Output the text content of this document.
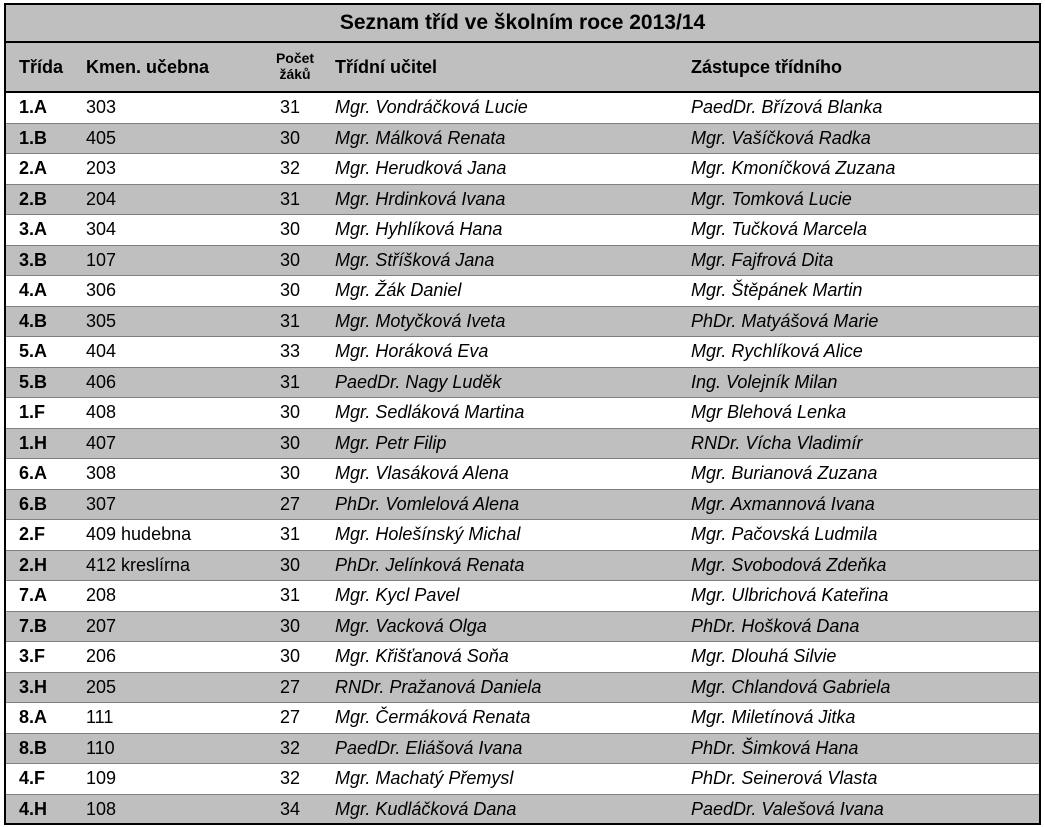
Seznam tříd ve školním roce 2013/14
Třída Kmen. učebna	Počet žáků	Třídní učitel	Zástupce třídního
1.A 303	31	Mgr. Vondráčková Lucie	PaedDr. Břízová Blanka
1.B 405	30	Mgr. Málková Renata	Mgr. Vašíčková Radka
2.A 203	32	Mgr. Herudková Jana	Mgr. Kmoníčková Zuzana
2.B 204	31	Mgr. Hrdinková Ivana	Mgr. Tomková Lucie
3.A 304	30	Mgr. Hyhlíková Hana	Mgr. Tučková Marcela
3.B 107	30	Mgr. Stříšková Jana	Mgr. Fajfrová Dita
4.A 306	30	Mgr. Žák Daniel	Mgr. Štěpánek Martin
4.B 305	31	Mgr. Motyčková Iveta	PhDr. Matyášová Marie
5.A 404	33	Mgr. Horáková Eva	Mgr. Rychlíková Alice
5.B 406	31	PaedDr. Nagy Luděk	Ing. Volejník Milan
1.F 408	30	Mgr. Sedláková Martina	Mgr Blehová Lenka
1.H 407	30	Mgr. Petr Filip	RNDr. Vícha Vladimír
6.A 308	30	Mgr. Vlasáková Alena	Mgr. Burianová Zuzana
6.B 307	27	PhDr. Vomlelová Alena	Mgr. Axmannová Ivana
2.F 409 hudebna	31	Mgr. Holešínský Michal	Mgr. Pačovská Ludmila
2.H 412 kreslírna	30	PhDr. Jelínková Renata	Mgr. Svobodová Zdeňka
7.A 208	31	Mgr. Kycl Pavel	Mgr. Ulbrichová Kateřina
7.B 207	30	Mgr. Vacková Olga	PhDr. Hošková Dana
3.F 206	30	Mgr. Křišťanová Soňa	Mgr. Dlouhá Silvie
3.H 205	27	RNDr. Pražanová Daniela	Mgr. Chlandová Gabriela
8.A 111	27	Mgr. Čermáková Renata	Mgr. Miletínová Jitka
8.B 110	32	PaedDr. Eliášová Ivana	PhDr. Šimková Hana
4.F 109	32	Mgr. Machatý Přemysl	PhDr. Seinerová Vlasta
4.H 108	34	Mgr. Kudláčková Dana	PaedDr. Valešová Ivana
